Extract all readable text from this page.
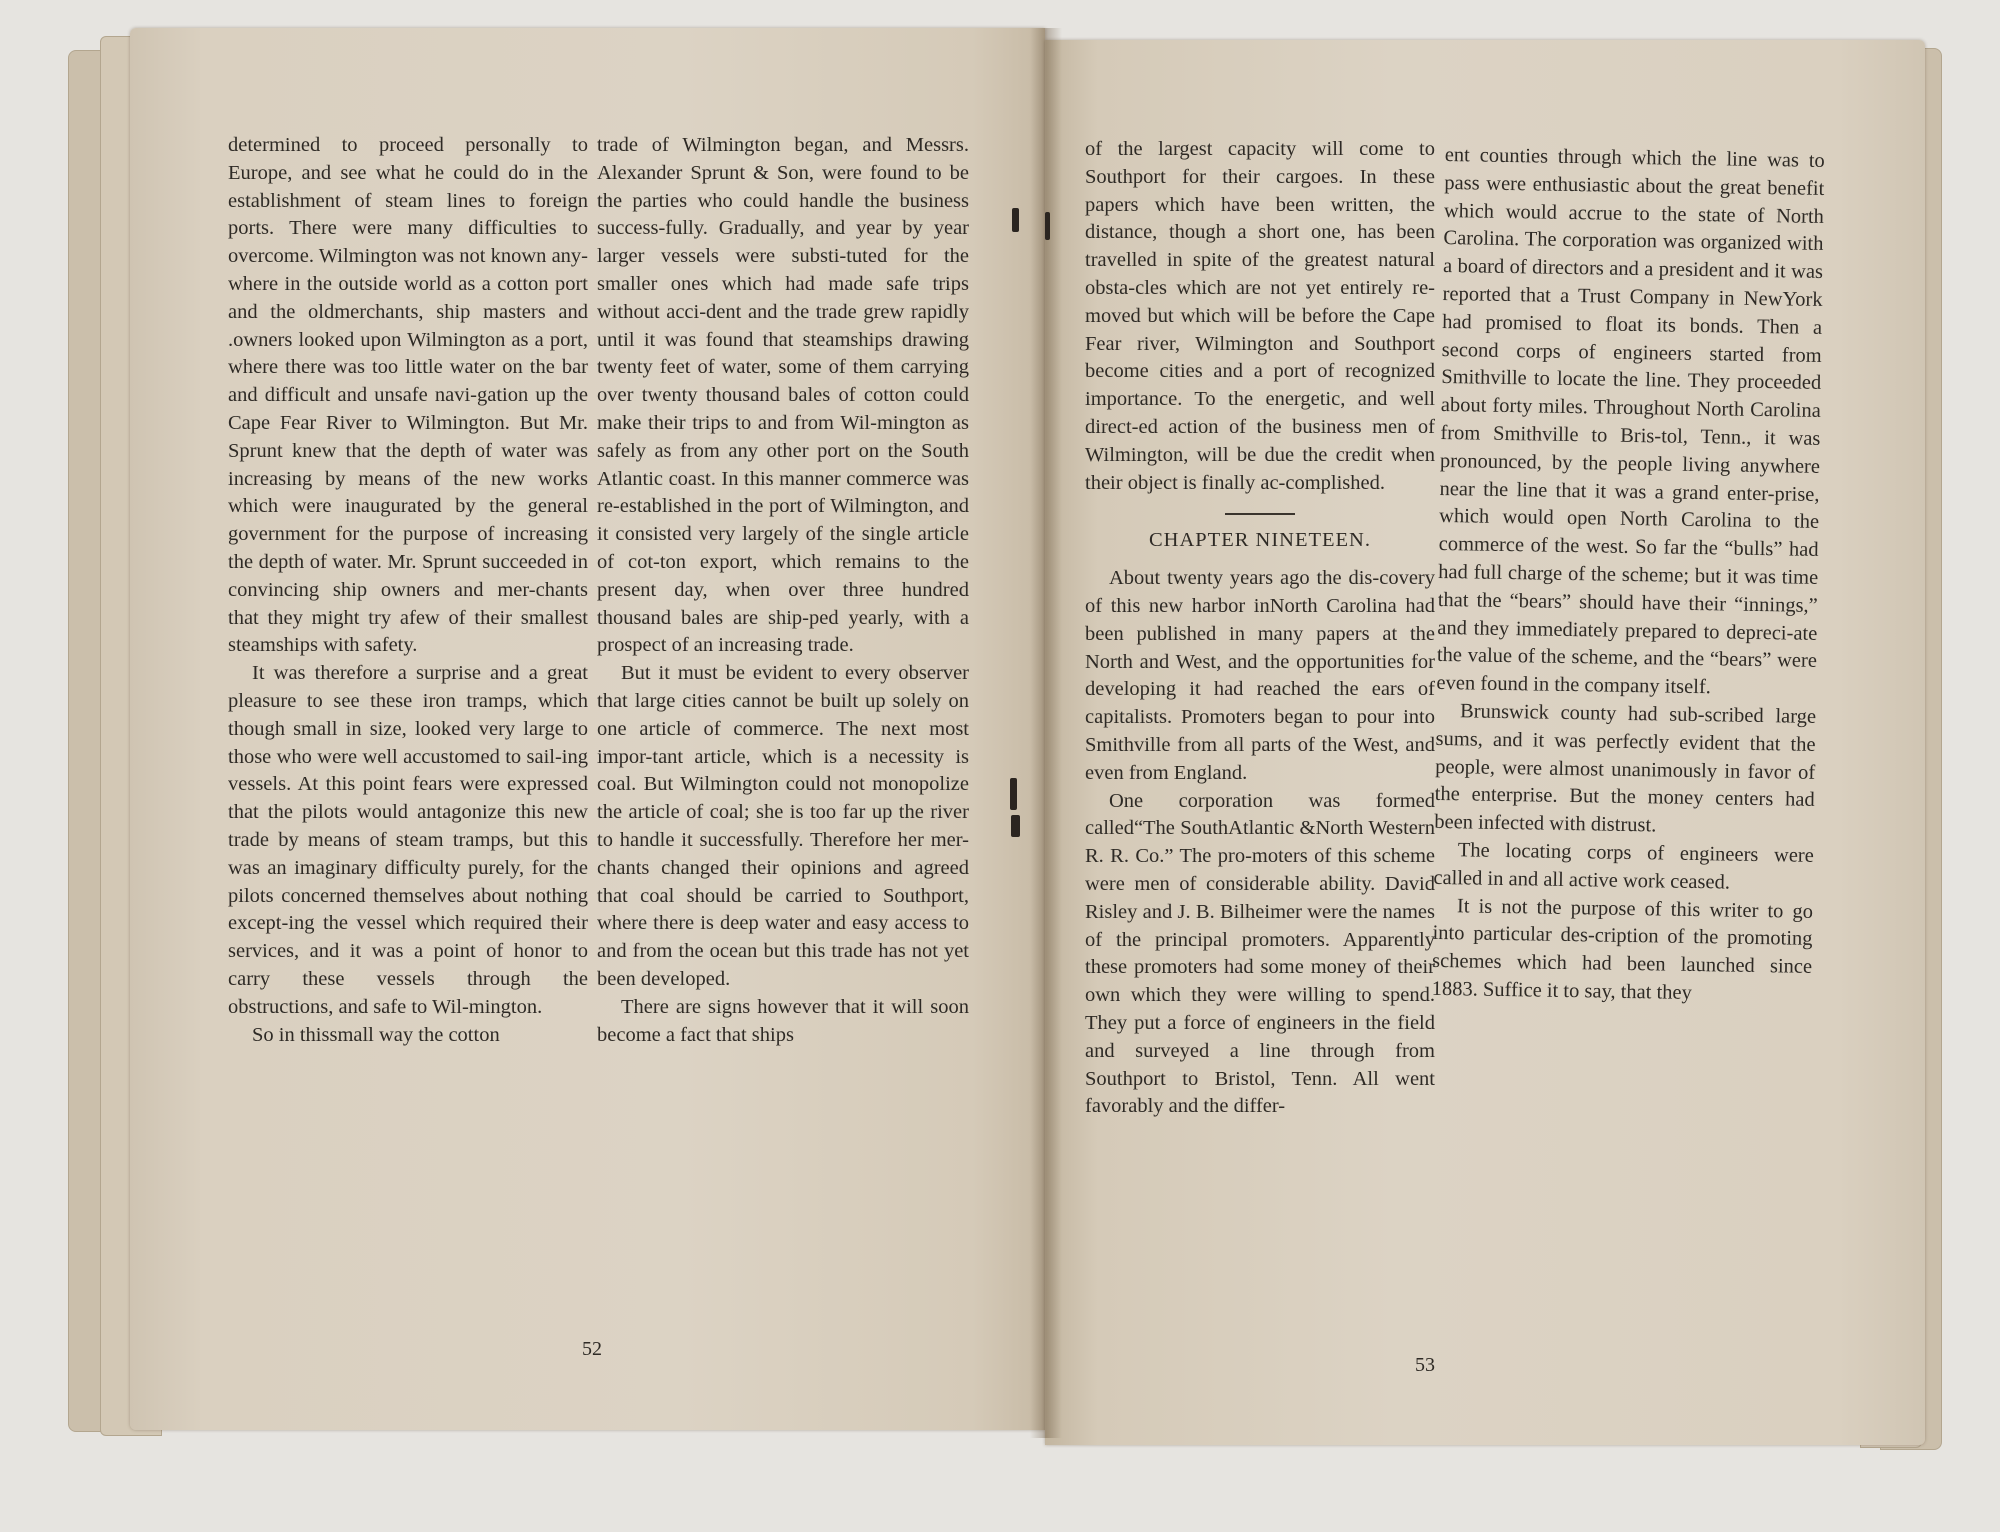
determined to proceed personally to Europe, and see what he could do in the establishment of steam lines to foreign ports. There were many difficulties to overcome. Wilmington was not known any-where in the outside world as a cotton port and the oldmerchants, ship masters and .owners looked upon Wilmington as a port, where there was too little water on the bar and difficult and unsafe navi-gation up the Cape Fear River to Wilmington. But Mr. Sprunt knew that the depth of water was increasing by means of the new works which were inaugurated by the general government for the purpose of increasing the depth of water. Mr. Sprunt succeeded in convincing ship owners and mer-chants that they might try afew of their smallest steamships with safety.

It was therefore a surprise and a great pleasure to see these iron tramps, which though small in size, looked very large to those who were well accustomed to sail-ing vessels. At this point fears were expressed that the pilots would antagonize this new trade by means of steam tramps, but this was an imaginary difficulty purely, for the pilots concerned themselves about nothing except-ing the vessel which required their services, and it was a point of honor to carry these vessels through the obstructions, and safe to Wil-mington.

So in thissmall way the cotton

trade of Wilmington began, and Messrs. Alexander Sprunt & Son, were found to be the parties who could handle the business success-fully. Gradually, and year by year larger vessels were substi-tuted for the smaller ones which had made safe trips without acci-dent and the trade grew rapidly until it was found that steamships drawing twenty feet of water, some of them carrying over twenty thousand bales of cotton could make their trips to and from Wil-mington as safely as from any other port on the South Atlantic coast. In this manner commerce was re-established in the port of Wilmington, and it consisted very largely of the single article of cot-ton export, which remains to the present day, when over three hundred thousand bales are ship-ped yearly, with a prospect of an increasing trade.

But it must be evident to every observer that large cities cannot be built up solely on one article of commerce. The next most impor-tant article, which is a necessity is coal. But Wilmington could not monopolize the article of coal; she is too far up the river to handle it successfully. Therefore her mer-chants changed their opinions and agreed that coal should be carried to Southport, where there is deep water and easy access to and from the ocean but this trade has not yet been developed.

There are signs however that it will soon become a fact that ships

52

of the largest capacity will come to Southport for their cargoes. In these papers which have been written, the distance, though a short one, has been travelled in spite of the greatest natural obsta-cles which are not yet entirely re-moved but which will be before the Cape Fear river, Wilmington and Southport become cities and a port of recognized importance. To the energetic, and well direct-ed action of the business men of Wilmington, will be due the credit when their object is finally ac-complished.

CHAPTER NINETEEN.

About twenty years ago the dis-covery of this new harbor inNorth Carolina had been published in many papers at the North and West, and the opportunities for developing it had reached the ears of capitalists. Promoters began to pour into Smithville from all parts of the West, and even from England.

One corporation was formed called“The SouthAtlantic &North Western R. R. Co.” The pro-moters of this scheme were men of considerable ability. David Risley and J. B. Bilheimer were the names of the principal promoters. Apparently these promoters had some money of their own which they were willing to spend. They put a force of engineers in the field and surveyed a line through from Southport to Bristol, Tenn. All went favorably and the differ-

ent counties through which the line was to pass were enthusiastic about the great benefit which would accrue to the state of North Carolina. The corporation was organized with a board of directors and a president and it was reported that a Trust Company in NewYork had promised to float its bonds. Then a second corps of engineers started from Smithville to locate the line. They proceeded about forty miles. Throughout North Carolina from Smithville to Bris-tol, Tenn., it was pronounced, by the people living anywhere near the line that it was a grand enter-prise, which would open North Carolina to the commerce of the west. So far the “bulls” had had full charge of the scheme; but it was time that the “bears” should have their “innings,” and they immediately prepared to depreci-ate the value of the scheme, and the “bears” were even found in the company itself.

Brunswick county had sub-scribed large sums, and it was perfectly evident that the people, were almost unanimously in favor of the enterprise. But the money centers had been infected with distrust.

The locating corps of engineers were called in and all active work ceased.

It is not the purpose of this writer to go into particular des-cription of the promoting schemes which had been launched since 1883. Suffice it to say, that they

53
